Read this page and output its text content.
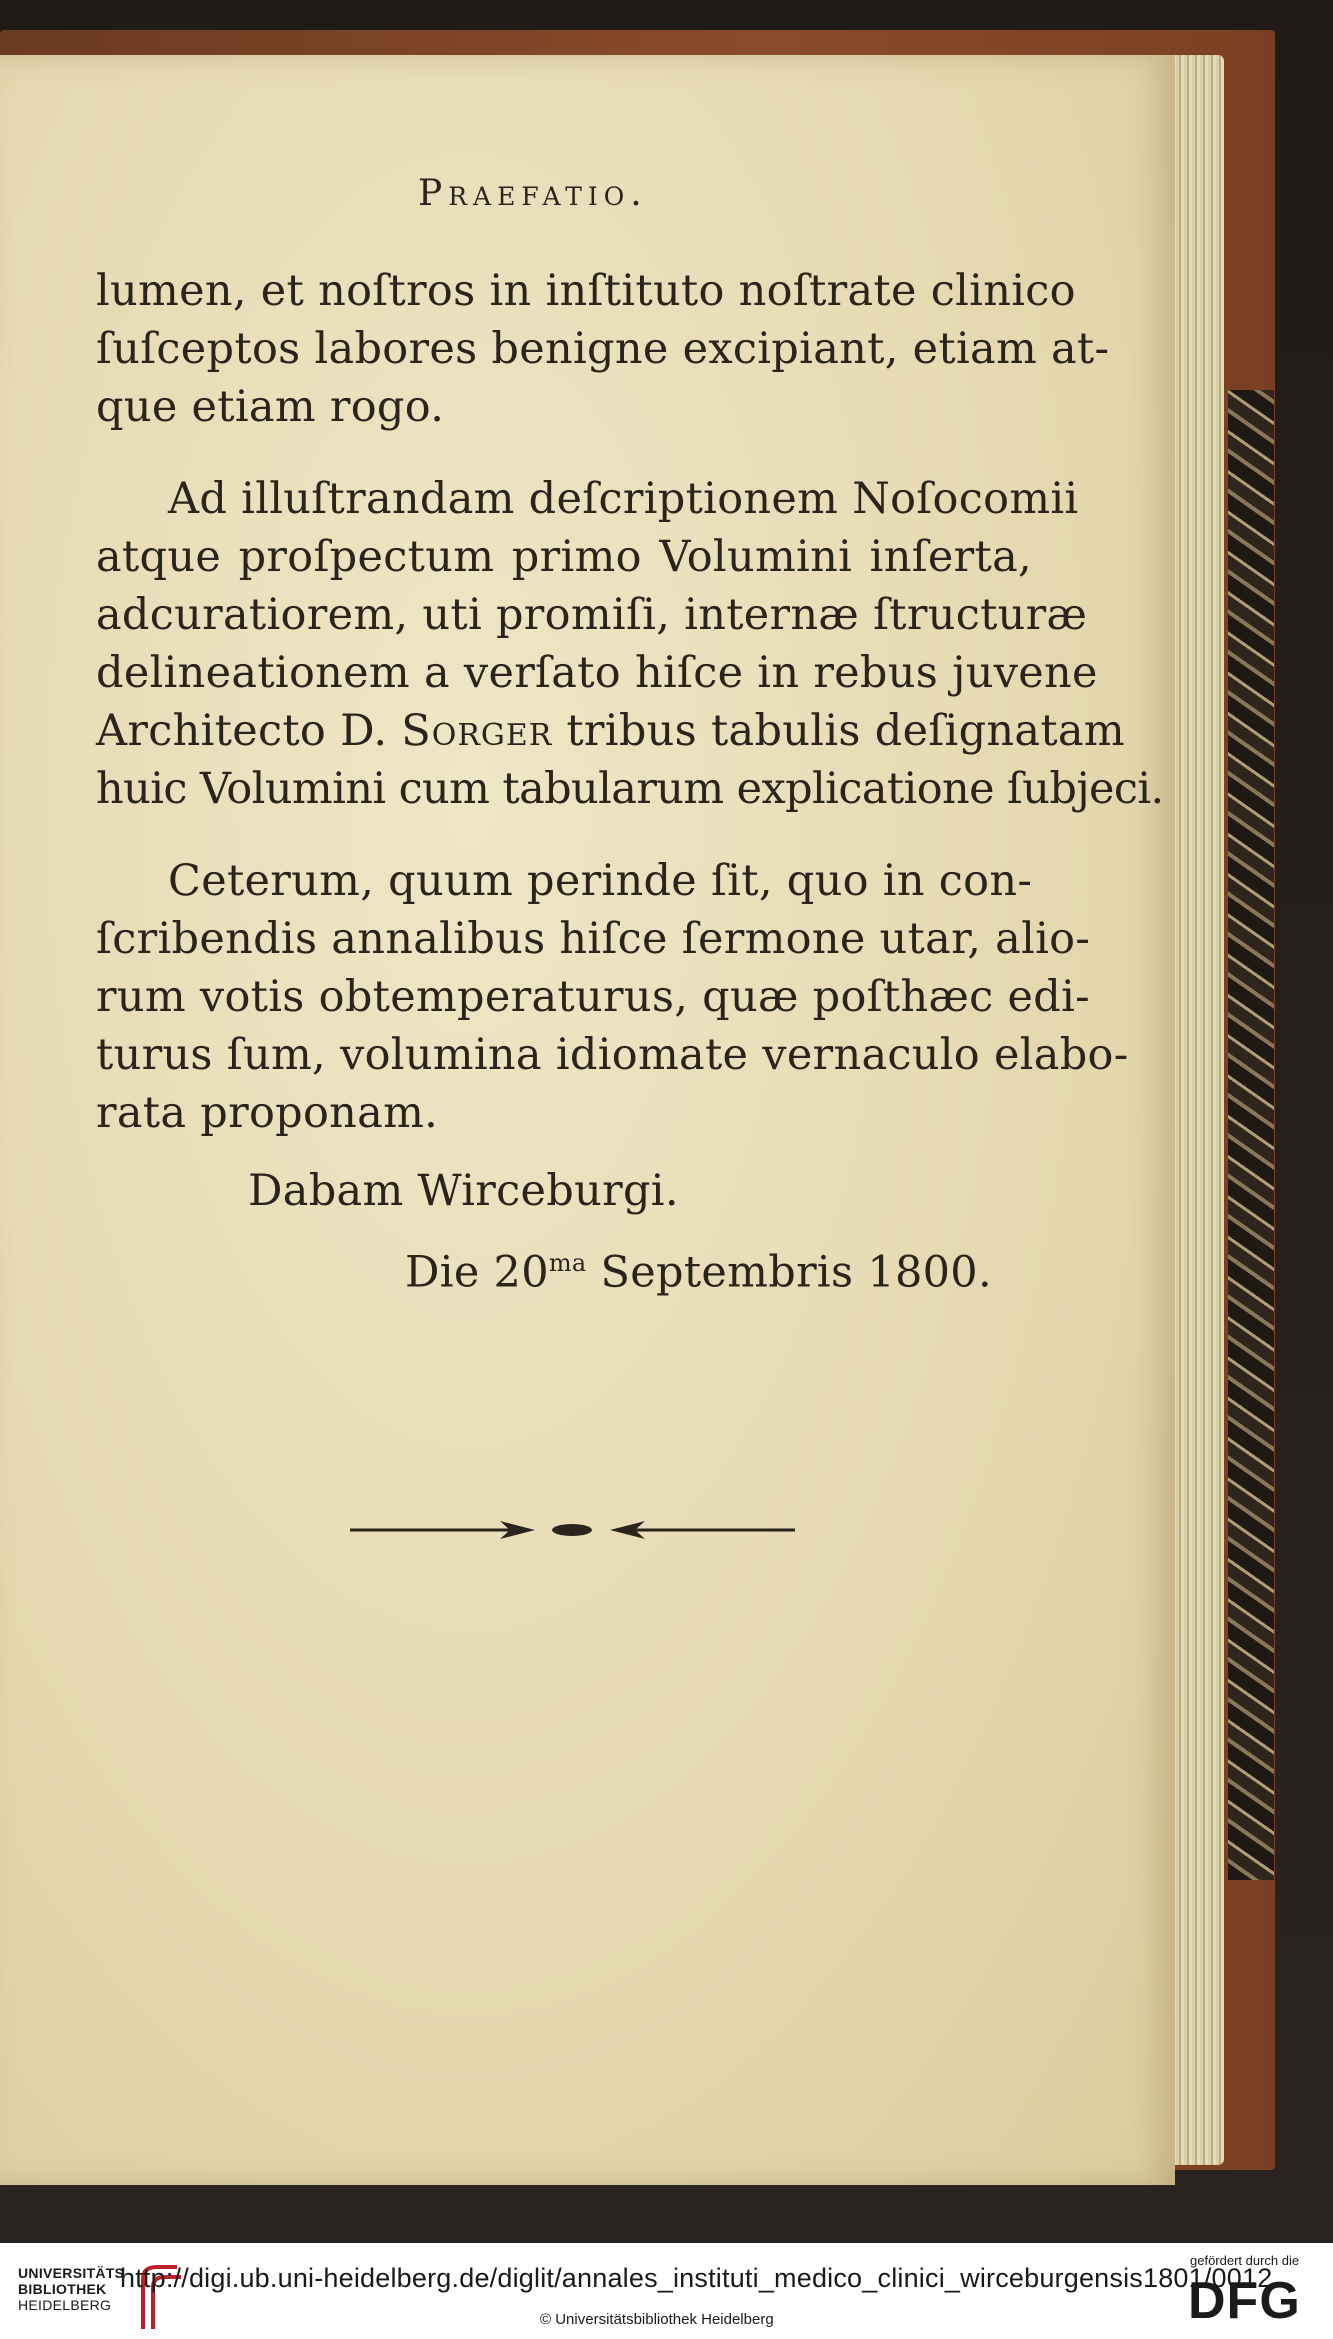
Praefatio.
lumen, et noſtros in inſtituto noſtrate clinico
ſuſceptos labores benigne excipiant, etiam at-
que etiam rogo.
Ad illuſtrandam deſcriptionem Noſocomii
atque proſpectum primo Volumini inſerta,
adcuratiorem, uti promiſi, internæ ſtructuræ
delineationem a verſato hiſce in rebus juvene
Architecto D. Sorger tribus tabulis deſignatam
huic Volumini cum tabularum explicatione ſubjeci.
Ceterum, quum perinde ſit, quo in con-
ſcribendis annalibus hiſce ſermone utar, alio-
rum votis obtemperaturus, quæ poſthæc edi-
turus ſum, volumina idiomate vernaculo elabo-
rata proponam.
Dabam Wirceburgi.
Die $20^{ma}$ Septembris 1800.
UNIVERSITÄTS
BIBLIOTHEK
HEIDELBERG
http://digi.ub.uni-heidelberg.de/diglit/annales_instituti_medico_clinici_wirceburgensis1801/0012
© Universitätsbibliothek Heidelberg
gefördert durch die
DFG
